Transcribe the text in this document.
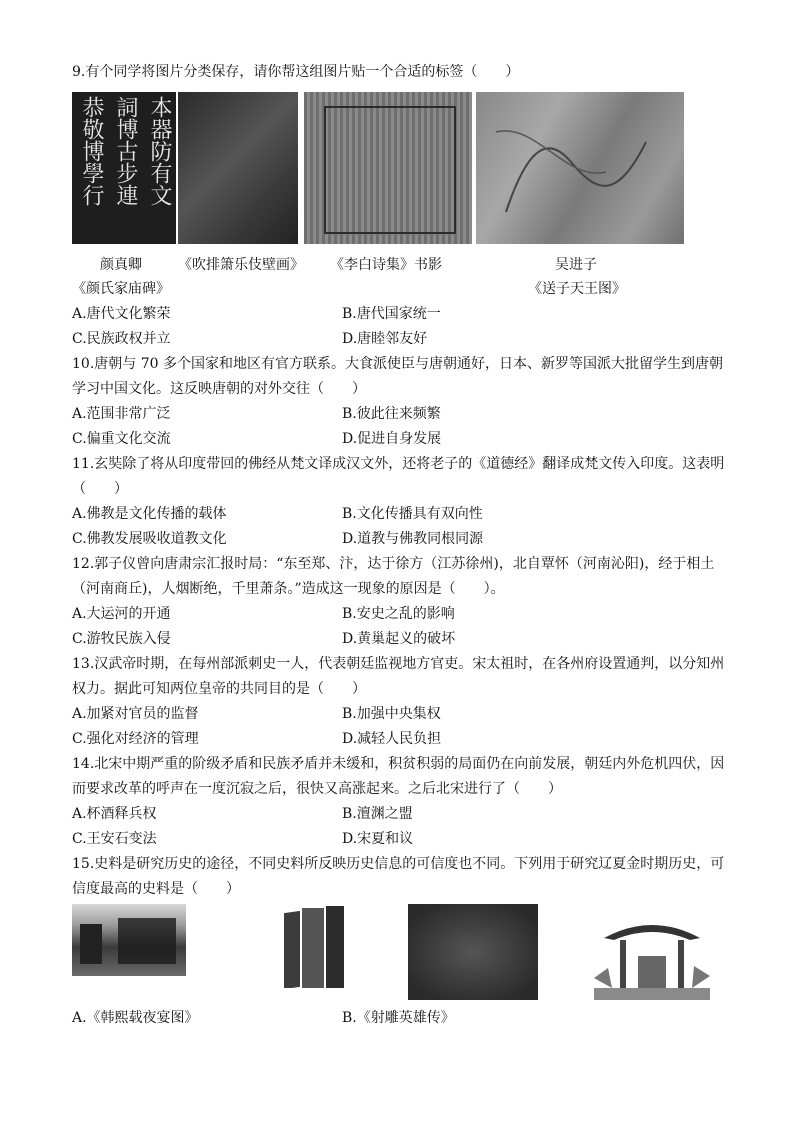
9.有个同学将图片分类保存，请你帮这组图片贴一个合适的标签（　　）
本器防有文
詞博古步連
恭敬博學行
颜真卿	《吹排箫乐伎壁画》 《李白诗集》书影	吴进子
《颜氏家庙碑》	《送子天王图》
A.唐代文化繁荣	B.唐代国家统一
C.民族政权并立	D.唐睦邻友好
10.唐朝与 70 多个国家和地区有官方联系。大食派使臣与唐朝通好，日本、新罗等国派大批留学生到唐朝
学习中国文化。这反映唐朝的对外交往（　　）
A.范围非常广泛	B.彼此往来频繁
C.偏重文化交流	D.促进自身发展
11.玄奘除了将从印度带回的佛经从梵文译成汉文外，还将老子的《道德经》翻译成梵文传入印度。这表明
（　　）
A.佛教是文化传播的载体	B.文化传播具有双向性
C.佛教发展吸收道教文化	D.道教与佛教同根同源
12.郭子仪曾向唐肃宗汇报时局：“东至郑、汴，达于徐方（江苏徐州)，北自覃怀（河南沁阳)，经于相土
（河南商丘)，人烟断绝，千里萧条。”造成这一现象的原因是（　　）。
A.大运河的开通	B.安史之乱的影响
C.游牧民族入侵	D.黄巢起义的破坏
13.汉武帝时期，在每州部派刺史一人，代表朝廷监视地方官吏。宋太祖时，在各州府设置通判，以分知州
权力。据此可知两位皇帝的共同目的是（　　）
A.加紧对官员的监督	B.加强中央集权
C.强化对经济的管理	D.减轻人民负担
14.北宋中期严重的阶级矛盾和民族矛盾并未缓和，积贫积弱的局面仍在向前发展，朝廷内外危机四伏，因
而要求改革的呼声在一度沉寂之后，很快又高涨起来。之后北宋进行了（　　）
A.杯酒释兵权	B.澶渊之盟
C.王安石变法	D.宋夏和议
15.史料是研究历史的途径，不同史料所反映历史信息的可信度也不同。下列用于研究辽夏金时期历史，可
信度最高的史料是（　　）
A.《韩熙载夜宴图》	B.《射雕英雄传》
